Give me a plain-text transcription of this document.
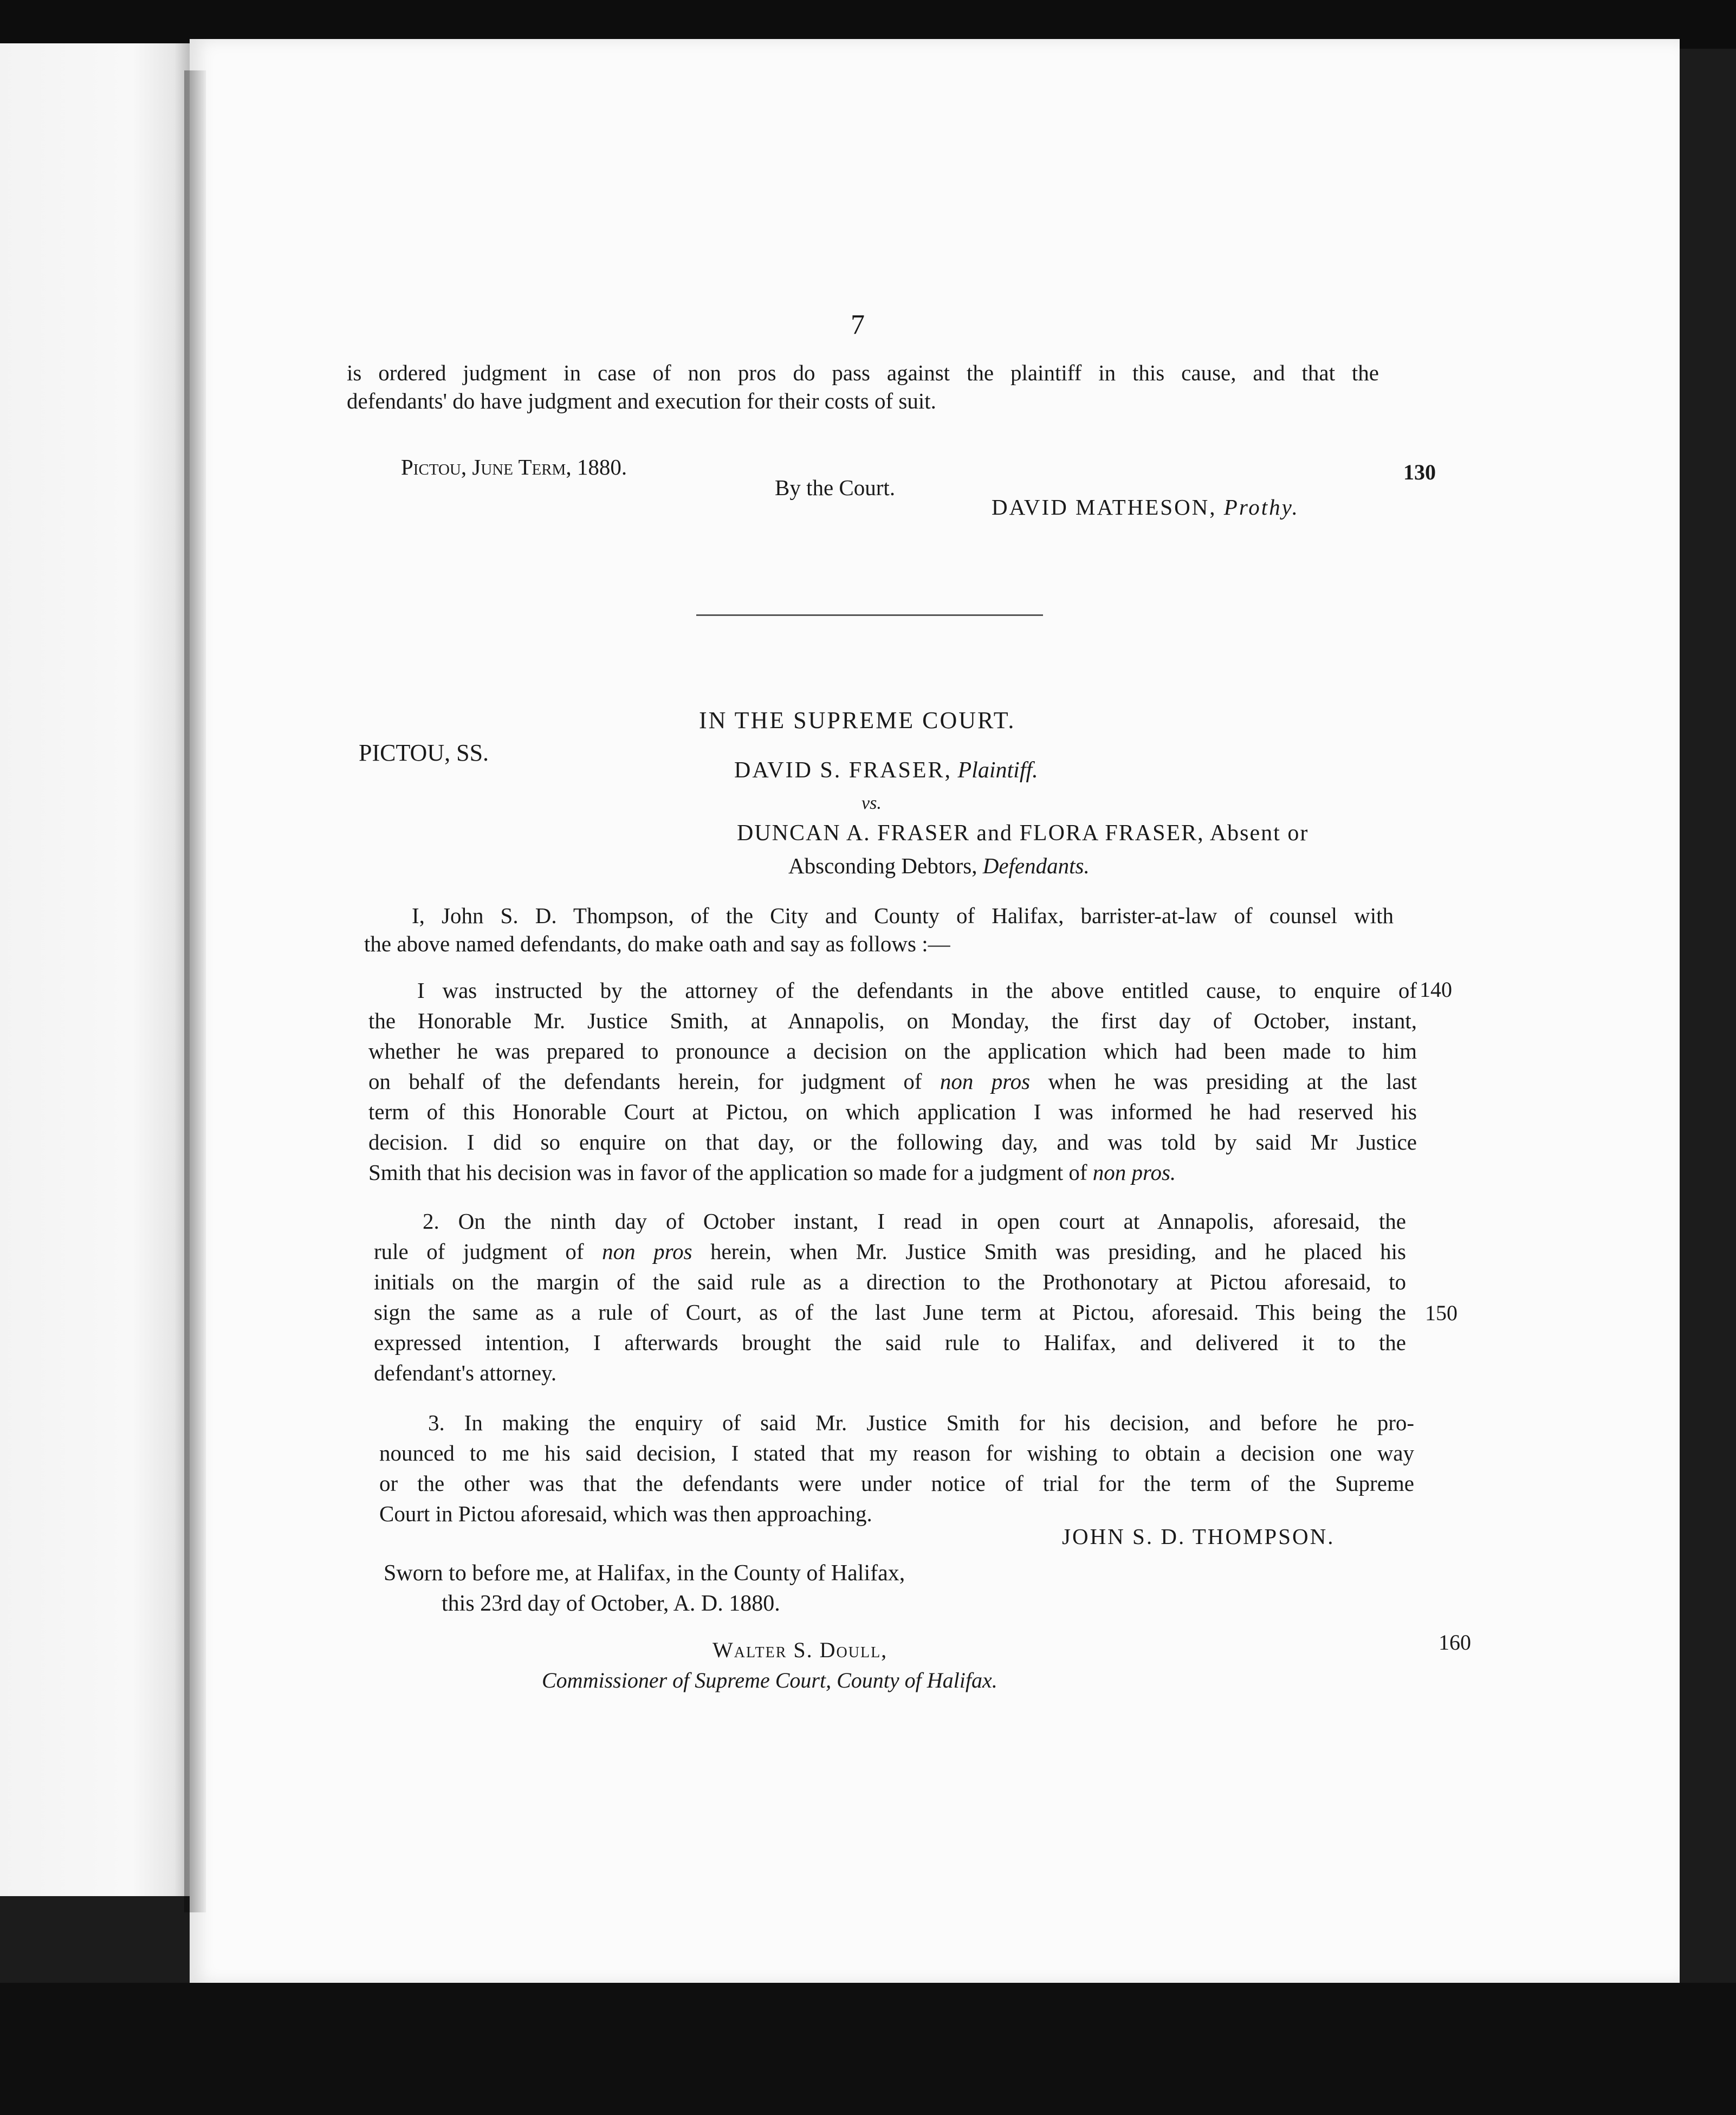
7
is ordered judgment in case of non pros do pass against the plaintiff in this cause, and that the
defendants' do have judgment and execution for their costs of suit.
Pictou, June Term, 1880.
By the Court.
DAVID MATHESON, Prothy.
130
IN THE SUPREME COURT.
PICTOU, SS.
DAVID S. FRASER, Plaintiff.
vs.
DUNCAN A. FRASER and FLORA FRASER, Absent or
Absconding Debtors, Defendants.
I, John S. D. Thompson, of the City and County of Halifax, barrister-at-law of counsel with
the above named defendants, do make oath and say as follows :—
I was instructed by the attorney of the defendants in the above entitled cause, to enquire of
the Honorable Mr. Justice Smith, at Annapolis, on Monday, the first day of October, instant,
whether he was prepared to pronounce a decision on the application which had been made to him
on behalf of the defendants herein, for judgment of non pros when he was presiding at the last
term of this Honorable Court at Pictou, on which application I was informed he had reserved his
decision. I did so enquire on that day, or the following day, and was told by said Mr Justice
Smith that his decision was in favor of the application so made for a judgment of non pros.
140
2. On the ninth day of October instant, I read in open court at Annapolis, aforesaid, the
rule of judgment of non pros herein, when Mr. Justice Smith was presiding, and he placed his
initials on the margin of the said rule as a direction to the Prothonotary at Pictou aforesaid, to
sign the same as a rule of Court, as of the last June term at Pictou, aforesaid. This being the
expressed intention, I afterwards brought the said rule to Halifax, and delivered it to the
defendant's attorney.
150
3. In making the enquiry of said Mr. Justice Smith for his decision, and before he pro-
nounced to me his said decision, I stated that my reason for wishing to obtain a decision one way
or the other was that the defendants were under notice of trial for the term of the Supreme
Court in Pictou aforesaid, which was then approaching.
JOHN S. D. THOMPSON.
Sworn to before me, at Halifax, in the County of Halifax,
this 23rd day of October, A. D. 1880.
Walter S. Doull,
Commissioner of Supreme Court, County of Halifax.
160
